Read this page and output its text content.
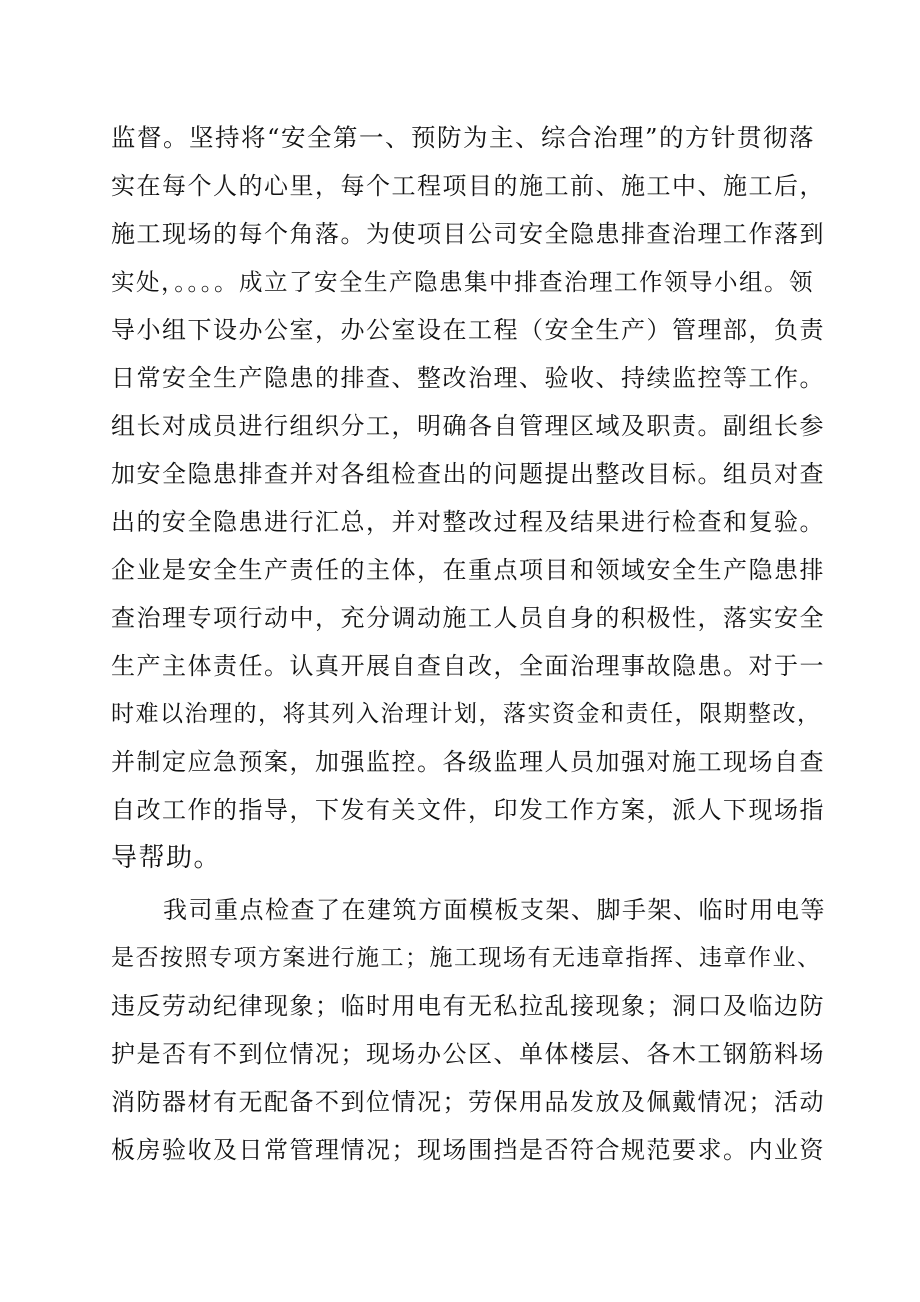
监督。坚持将“安全第一、预防为主、综合治理”的方针贯彻落
实在每个人的心里，每个工程项目的施工前、施工中、施工后，
施工现场的每个角落。为使项目公司安全隐患排查治理工作落到
实处，。。。。成立了安全生产隐患集中排查治理工作领导小组。领
导小组下设办公室，办公室设在工程（安全生产）管理部，负责
日常安全生产隐患的排查、整改治理、验收、持续监控等工作。
组长对成员进行组织分工，明确各自管理区域及职责。副组长参
加安全隐患排查并对各组检查出的问题提出整改目标。组员对查
出的安全隐患进行汇总，并对整改过程及结果进行检查和复验。
企业是安全生产责任的主体，在重点项目和领域安全生产隐患排
查治理专项行动中，充分调动施工人员自身的积极性，落实安全
生产主体责任。认真开展自查自改，全面治理事故隐患。对于一
时难以治理的，将其列入治理计划，落实资金和责任，限期整改，
并制定应急预案，加强监控。各级监理人员加强对施工现场自查
自改工作的指导，下发有关文件，印发工作方案，派人下现场指
导帮助。
我司重点检查了在建筑方面模板支架、脚手架、临时用电等
是否按照专项方案进行施工；施工现场有无违章指挥、违章作业、
违反劳动纪律现象；临时用电有无私拉乱接现象；洞口及临边防
护是否有不到位情况；现场办公区、单体楼层、各木工钢筋料场
消防器材有无配备不到位情况；劳保用品发放及佩戴情况；活动
板房验收及日常管理情况；现场围挡是否符合规范要求。内业资
